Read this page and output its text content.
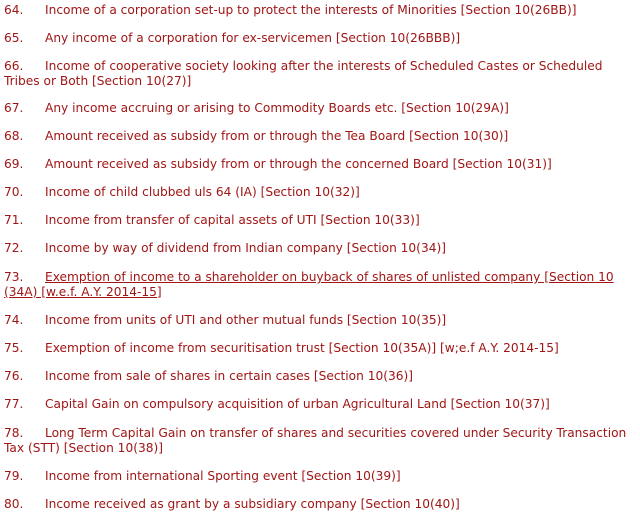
64. Income of a corporation set-up to protect the interests of Minorities [Section 10(26BB)]
65. Any income of a corporation for ex-servicemen [Section 10(26BBB)]
66. Income of cooperative society looking after the interests of Scheduled Castes or Scheduled Tribes or Both [Section 10(27)]
67. Any income accruing or arising to Commodity Boards etc. [Section 10(29A)]
68. Amount received as subsidy from or through the Tea Board [Section 10(30)]
69. Amount received as subsidy from or through the concerned Board [Section 10(31)]
70. Income of child clubbed uls 64 (IA) [Section 10(32)]
71. Income from transfer of capital assets of UTI [Section 10(33)]
72. Income by way of dividend from Indian company [Section 10(34)]
73. Exemption of income to a shareholder on buyback of shares of unlisted company [Section 10 (34A) [w.e.f. A.Y. 2014-15]
74. Income from units of UTI and other mutual funds [Section 10(35)]
75. Exemption of income from securitisation trust [Section 10(35A)] [w;e.f A.Y. 2014-15]
76. Income from sale of shares in certain cases [Section 10(36)]
77. Capital Gain on compulsory acquisition of urban Agricultural Land [Section 10(37)]
78. Long Term Capital Gain on transfer of shares and securities covered under Security Transaction Tax (STT) [Section 10(38)]
79. Income from international Sporting event [Section 10(39)]
80. Income received as grant by a subsidiary company [Section 10(40)]
